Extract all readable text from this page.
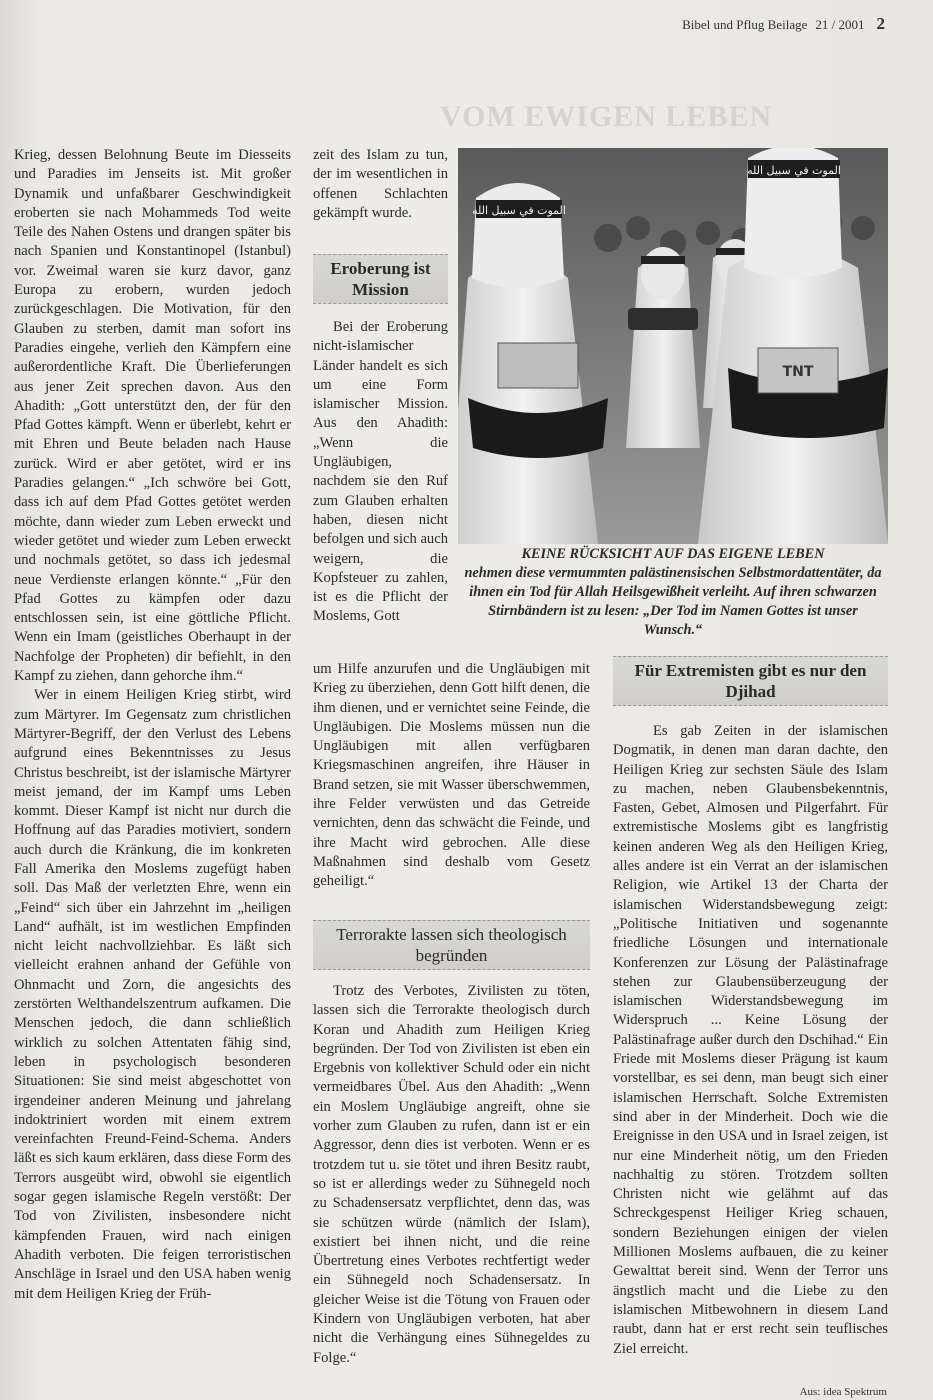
VOM EWIGEN LEBEN
Bibel und Pflug Beilage 21 / 2001 2

Krieg, dessen Belohnung Beute im Diesseits und Paradies im Jenseits ist. Mit großer Dynamik und unfaßbarer Geschwindigkeit eroberten sie nach Mohammeds Tod weite Teile des Nahen Ostens und drangen später bis nach Spanien und Konstantinopel (Istanbul) vor. Zweimal waren sie kurz davor, ganz Europa zu erobern, wurden jedoch zurückgeschlagen. Die Motivation, für den Glauben zu sterben, damit man sofort ins Paradies eingehe, verlieh den Kämpfern eine außerordentliche Kraft. Die Überlieferungen aus jener Zeit sprechen davon. Aus den Ahadith: „Gott unterstützt den, der für den Pfad Gottes kämpft. Wenn er überlebt, kehrt er mit Ehren und Beute beladen nach Hause zurück. Wird er aber getötet, wird er ins Paradies gelangen.“ „Ich schwöre bei Gott, dass ich auf dem Pfad Gottes getötet werden möchte, dann wieder zum Leben erweckt und wieder getötet und wieder zum Leben erweckt und nochmals getötet, so dass ich jedesmal neue Verdienste erlangen könnte.“ „Für den Pfad Gottes zu kämpfen oder dazu entschlossen sein, ist eine göttliche Pflicht. Wenn ein Imam (geistliches Oberhaupt in der Nachfolge der Propheten) dir befiehlt, in den Kampf zu ziehen, dann gehorche ihm.“

Wer in einem Heiligen Krieg stirbt, wird zum Märtyrer. Im Gegensatz zum christlichen Märtyrer-Begriff, der den Verlust des Lebens aufgrund eines Bekenntnisses zu Jesus Christus beschreibt, ist der islamische Märtyrer meist jemand, der im Kampf ums Leben kommt. Dieser Kampf ist nicht nur durch die Hoffnung auf das Paradies motiviert, sondern auch durch die Kränkung, die im konkreten Fall Amerika den Moslems zugefügt haben soll. Das Maß der verletzten Ehre, wenn ein „Feind“ sich über ein Jahrzehnt im „heiligen Land“ aufhält, ist im westlichen Empfinden nicht leicht nachvollziehbar. Es läßt sich vielleicht erahnen anhand der Gefühle von Ohnmacht und Zorn, die angesichts des zerstörten Welthandelszentrum aufkamen. Die Menschen jedoch, die dann schließlich wirklich zu solchen Attentaten fähig sind, leben in psychologisch besonderen Situationen: Sie sind meist abgeschottet von irgendeiner anderen Meinung und jahrelang indoktriniert worden mit einem extrem vereinfachten Freund-Feind-Schema. Anders läßt es sich kaum erklären, dass diese Form des Terrors ausgeübt wird, obwohl sie eigentlich sogar gegen islamische Regeln verstößt: Der Tod von Zivilisten, insbesondere nicht kämpfenden Frauen, wird nach einigen Ahadith verboten. Die feigen terroristischen Anschläge in Israel und den USA haben wenig mit dem Heiligen Krieg der Früh-

zeit des Islam zu tun, der im wesentlichen in offenen Schlachten gekämpft wurde.

Eroberung ist Mission

Bei der Eroberung nicht-islamischer Länder handelt es sich um eine Form islamischer Mission. Aus den Ahadith: „Wenn die Ungläubigen, nachdem sie den Ruf zum Glauben erhalten haben, diesen nicht befolgen und sich auch weigern, die Kopfsteuer zu zahlen, ist es die Pflicht der Moslems, Gott

um Hilfe anzurufen und die Ungläubigen mit Krieg zu überziehen, denn Gott hilft denen, die ihm dienen, und er vernichtet seine Feinde, die Ungläubigen. Die Moslems müssen nun die Ungläubigen mit allen verfügbaren Kriegsmaschinen angreifen, ihre Häuser in Brand setzen, sie mit Wasser überschwemmen, ihre Felder verwüsten und das Getreide vernichten, denn das schwächt die Feinde, und ihre Macht wird gebrochen. Alle diese Maßnahmen sind deshalb vom Gesetz geheiligt.“

Terrorakte lassen sich theologisch begründen

Trotz des Verbotes, Zivilisten zu töten, lassen sich die Terrorakte theologisch durch Koran und Ahadith zum Heiligen Krieg begründen. Der Tod von Zivilisten ist eben ein Ergebnis von kollektiver Schuld oder ein nicht vermeidbares Übel. Aus den Ahadith: „Wenn ein Moslem Ungläubige angreift, ohne sie vorher zum Glauben zu rufen, dann ist er ein Aggressor, denn dies ist verboten. Wenn er es trotzdem tut u. sie tötet und ihren Besitz raubt, so ist er allerdings weder zu Sühnegeld noch zu Schadensersatz verpflichtet, denn das, was sie schützen würde (nämlich der Islam), existiert bei ihnen nicht, und die reine Übertretung eines Verbotes rechtfertigt weder ein Sühnegeld noch Schadensersatz. In gleicher Weise ist die Tötung von Frauen oder Kindern von Ungläubigen verboten, hat aber nicht die Verhängung eines Sühnegeldes zu Folge.“

الموت في سبيل الله
الموت في سبيل الله
TNT
KEINE RÜCKSICHT AUF DAS EIGENE LEBEN
nehmen diese vermummten palästinensischen Selbstmordattentäter, da ihnen ein Tod für Allah Heilsgewißheit verleiht. Auf ihren schwarzen Stirnbändern ist zu lesen: „Der Tod im Namen Gottes ist unser Wunsch.“
Für Extremisten gibt es nur den Djihad

Es gab Zeiten in der islamischen Dogmatik, in denen man daran dachte, den Heiligen Krieg zur sechsten Säule des Islam zu machen, neben Glaubensbekenntnis, Fasten, Gebet, Almosen und Pilgerfahrt. Für extremistische Moslems gibt es langfristig keinen anderen Weg als den Heiligen Krieg, alles andere ist ein Verrat an der islamischen Religion, wie Artikel 13 der Charta der islamischen Widerstandsbewegung zeigt: „Politische Initiativen und sogenannte friedliche Lösungen und internationale Konferenzen zur Lösung der Palästinafrage stehen zur Glaubensüberzeugung der islamischen Widerstandsbewegung im Widerspruch ... Keine Lösung der Palästinafrage außer durch den Dschihad.“ Ein Friede mit Moslems dieser Prägung ist kaum vorstellbar, es sei denn, man beugt sich einer islamischen Herrschaft. Solche Extremisten sind aber in der Minderheit. Doch wie die Ereignisse in den USA und in Israel zeigen, ist nur eine Minderheit nötig, um den Frieden nachhaltig zu stören. Trotzdem sollten Christen nicht wie gelähmt auf das Schreckgespenst Heiliger Krieg schauen, sondern Beziehungen einigen der vielen Millionen Moslems aufbauen, die zu keiner Gewalttat bereit sind. Wenn der Terror uns ängstlich macht und die Liebe zu den islamischen Mitbewohnern in diesem Land raubt, dann hat er erst recht sein teuflisches Ziel erreicht.

Aus: idea Spektrum
